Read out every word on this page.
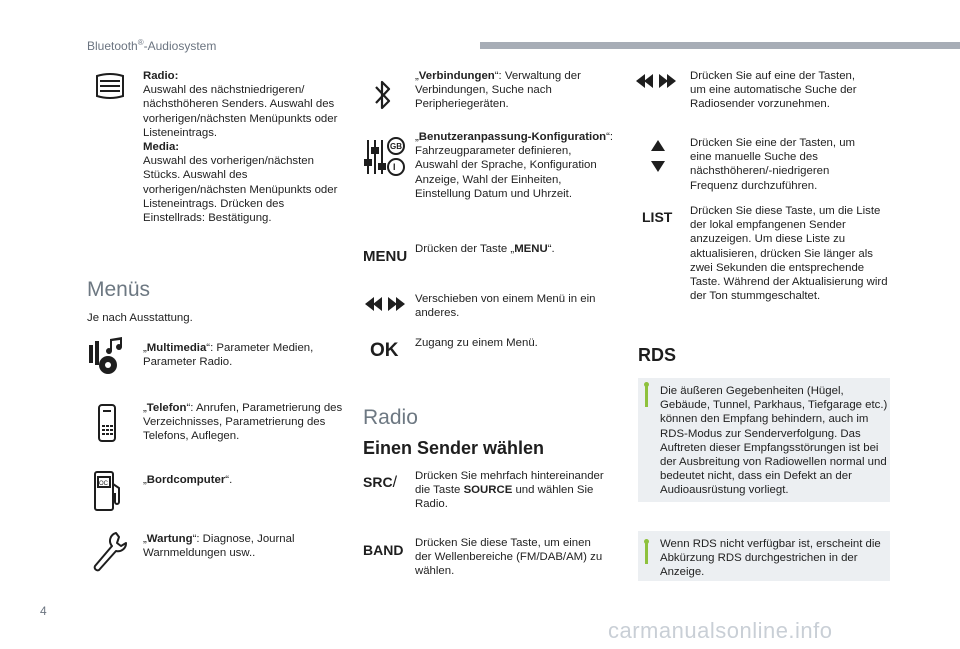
Bluetooth®-Audiosystem
Radio:
Auswahl des nächstniedrigeren/ nächsthöheren Senders. Auswahl des vorherigen/nächsten Menüpunkts oder Listeneintrags.
Media:
Auswahl des vorherigen/nächsten Stücks. Auswahl des vorherigen/nächsten Menüpunkts oder Listeneintrags. Drücken des Einstellrads: Bestätigung.
Menüs
Je nach Ausstattung.
„Multimedia“: Parameter Medien, Parameter Radio.
„Telefon“: Anrufen, Parametrierung des Verzeichnisses, Parametrierung des Telefons, Auflegen.
OC	„Bordcomputer“.
„Wartung“: Diagnose, Journal Warnmeldungen usw..
„Verbindungen“: Verwaltung der Verbindungen, Suche nach Peripheriegeräten.
GB
I
„Benutzeranpassung-Konfiguration“: Fahrzeugparameter definieren, Auswahl der Sprache, Konfiguration Anzeige, Wahl der Einheiten, Einstellung Datum und Uhrzeit.
MENU Drücken der Taste „MENU“.
Verschieben von einem Menü in ein anderes.
OK Zugang zu einem Menü.
Radio
Einen Sender wählen
SRC/ Drücken Sie mehrfach hintereinander die Taste SOURCE und wählen Sie Radio.
BAND Drücken Sie diese Taste, um einen der Wellenbereiche (FM/DAB/AM) zu wählen.
Drücken Sie auf eine der Tasten, um eine automatische Suche der Radiosender vorzunehmen.
Drücken Sie eine der Tasten, um eine manuelle Suche des nächsthöheren/-niedrigeren Frequenz durchzuführen.
LIST Drücken Sie diese Taste, um die Liste der lokal empfangenen Sender anzuzeigen. Um diese Liste zu aktualisieren, drücken Sie länger als zwei Sekunden die entsprechende Taste. Während der Aktualisierung wird der Ton stummgeschaltet.
RDS
Die äußeren Gegebenheiten (Hügel, Gebäude, Tunnel, Parkhaus, Tiefgarage etc.) können den Empfang behindern, auch im RDS-Modus zur Senderverfolgung. Das Auftreten dieser Empfangsstörungen ist bei der Ausbreitung von Radiowellen normal und bedeutet nicht, dass ein Defekt an der Audioausrüstung vorliegt.
Wenn RDS nicht verfügbar ist, erscheint die Abkürzung RDS durchgestrichen in der Anzeige.
4
carmanualsonline.info
